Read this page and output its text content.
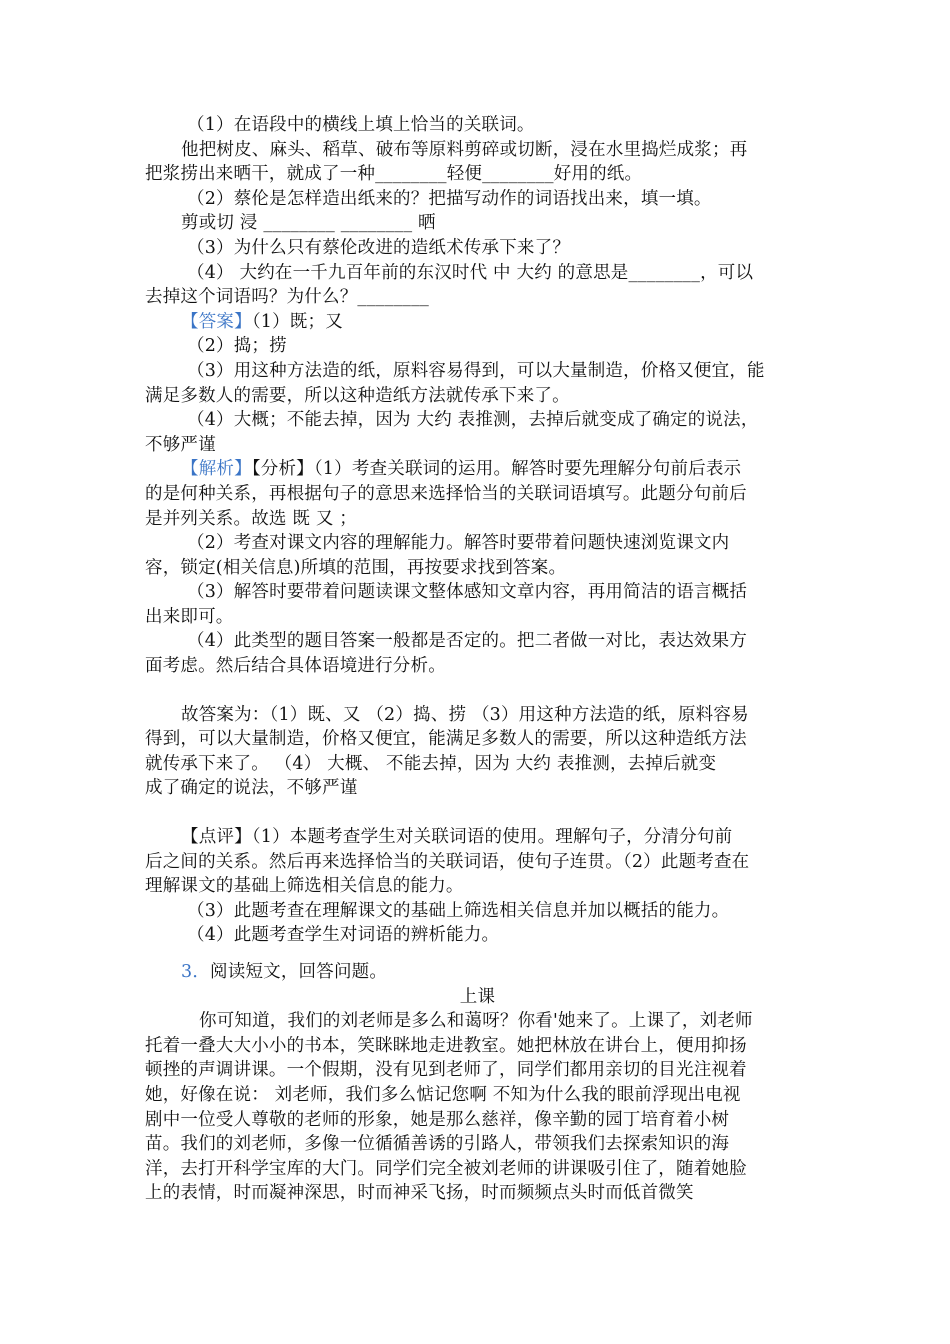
（1）在语段中的横线上填上恰当的关联词。
他把树皮、麻头、稻草、破布等原料剪碎或切断，浸在水里捣烂成浆；再
把浆捞出来晒干，就成了一种________轻便________好用的纸。
（2）蔡伦是怎样造出纸来的？把描写动作的词语找出来，填一填。
剪或切 浸 ________ ________ 晒
（3）为什么只有蔡伦改进的造纸术传承下来了？
（4） 大约在一千九百年前的东汉时代 中 大约 的意思是________，可以
去掉这个词语吗？为什么？________
【答案】（1）既；又
（2）捣；捞
（3）用这种方法造的纸，原料容易得到，可以大量制造，价格又便宜，能
满足多数人的需要，所以这种造纸方法就传承下来了。
（4）大概；不能去掉，因为 大约 表推测，去掉后就变成了确定的说法，
不够严谨
【解析】【分析】（1）考查关联词的运用。解答时要先理解分句前后表示
的是何种关系，再根据句子的意思来选择恰当的关联词语填写。此题分句前后
是并列关系。故选 既 又 ；
（2）考查对课文内容的理解能力。解答时要带着问题快速浏览课文内
容，锁定(相关信息)所填的范围，再按要求找到答案。
（3）解答时要带着问题读课文整体感知文章内容，再用简洁的语言概括
出来即可。
（4）此类型的题目答案一般都是否定的。把二者做一对比，表达效果方
面考虑。然后结合具体语境进行分析。
故答案为：（1）既、又 （2）捣、捞 （3）用这种方法造的纸，原料容易
得到，可以大量制造，价格又便宜，能满足多数人的需要，所以这种造纸方法
就传承下来了。 （4） 大概、 不能去掉，因为 大约 表推测，去掉后就变
成了确定的说法，不够严谨
【点评】（1）本题考查学生对关联词语的使用。理解句子，分清分句前
后之间的关系。然后再来选择恰当的关联词语，使句子连贯。（2）此题考查在
理解课文的基础上筛选相关信息的能力。
（3）此题考查在理解课文的基础上筛选相关信息并加以概括的能力。
（4）此题考查学生对词语的辨析能力。
3．阅读短文，回答问题。
上课
你可知道，我们的刘老师是多么和蔼呀？你看'她来了。上课了，刘老师
托着一叠大大小小的书本，笑眯眯地走进教室。她把林放在讲台上，便用抑扬
顿挫的声调讲课。一个假期，没有见到老师了，同学们都用亲切的目光注视着
她，好像在说： 刘老师，我们多么惦记您啊 不知为什么我的眼前浮现出电视
剧中一位受人尊敬的老师的形象，她是那么慈祥，像辛勤的园丁培育着小树
苗。我们的刘老师，多像一位循循善诱的引路人，带领我们去探索知识的海
洋，去打开科学宝库的大门。同学们完全被刘老师的讲课吸引住了，随着她脸
上的表情，时而凝神深思，时而神采飞扬，时而频频点头时而低首微笑
